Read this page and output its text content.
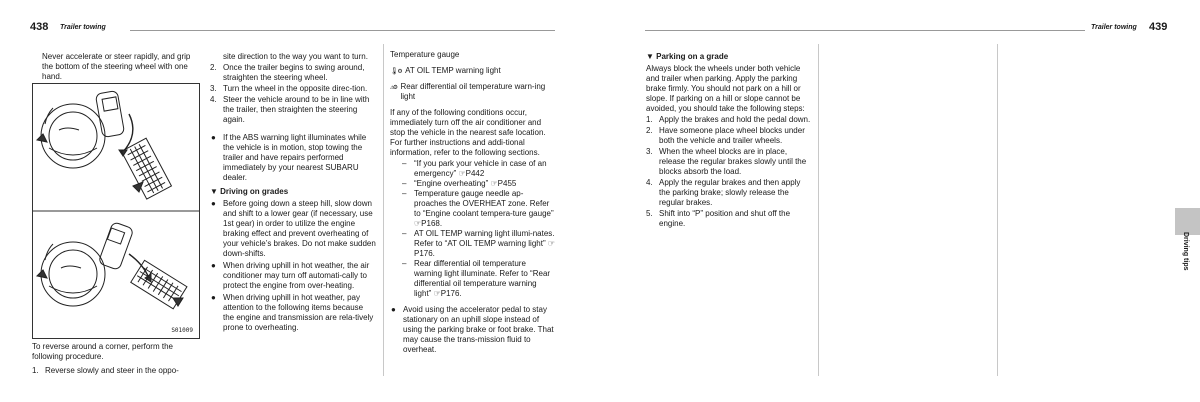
438 Trailer towing	Trailer towing 439

Never accelerate or steer rapidly, and grip the bottom of the steering wheel with one hand.

S01009

To reverse around a corner, perform the following procedure.

1. Reverse slowly and steer in the oppo-

site direction to the way you want to turn.

2. Once the trailer begins to swing around, straighten the steering wheel.
3. Turn the wheel in the opposite direc-tion.
4. Steer the vehicle around to be in line with the trailer, then straighten the steering again.
● If the ABS warning light illuminates while the vehicle is in motion, stop towing the trailer and have repairs performed immediately by your nearest SUBARU dealer.
▼ Driving on grades
● Before going down a steep hill, slow down and shift to a lower gear (if necessary, use 1st gear) in order to utilize the engine braking effect and prevent overheating of your vehicle’s brakes. Do not make sudden down-shifts.
● When driving uphill in hot weather, the air conditioner may turn off automati-cally to protect the engine from over-heating.
● When driving uphill in hot weather, pay attention to the following items because the engine and transmission are rela-tively prone to overheating.

Temperature gauge

🌡⚙ AT OIL TEMP warning light
⚠⚙ Rear differential oil temperature warn-ing light

If any of the following conditions occur, immediately turn off the air conditioner and stop the vehicle in the nearest safe location. For further instructions and addi-tional information, refer to the following sections.

– “If you park your vehicle in case of an emergency” ☞P442
– “Engine overheating” ☞P455
– Temperature gauge needle ap-proaches the OVERHEAT zone. Refer to “Engine coolant tempera-ture gauge” ☞P168.
– AT OIL TEMP warning light illumi-nates. Refer to “AT OIL TEMP warning light” ☞P176.
– Rear differential oil temperature warning light illuminate. Refer to “Rear differential oil temperature warning light” ☞P176.
● Avoid using the accelerator pedal to stay stationary on an uphill slope instead of using the parking brake or foot brake. That may cause the trans-mission fluid to overheat.
▼ Parking on a grade

Always block the wheels under both vehicle and trailer when parking. Apply the parking brake firmly. You should not park on a hill or slope. If parking on a hill or slope cannot be avoided, you should take the following steps:

1. Apply the brakes and hold the pedal down.
2. Have someone place wheel blocks under both the vehicle and trailer wheels.
3. When the wheel blocks are in place, release the regular brakes slowly until the blocks absorb the load.
4. Apply the regular brakes and then apply the parking brake; slowly release the regular brakes.
5. Shift into “P” position and shut off the engine.
Driving tips
